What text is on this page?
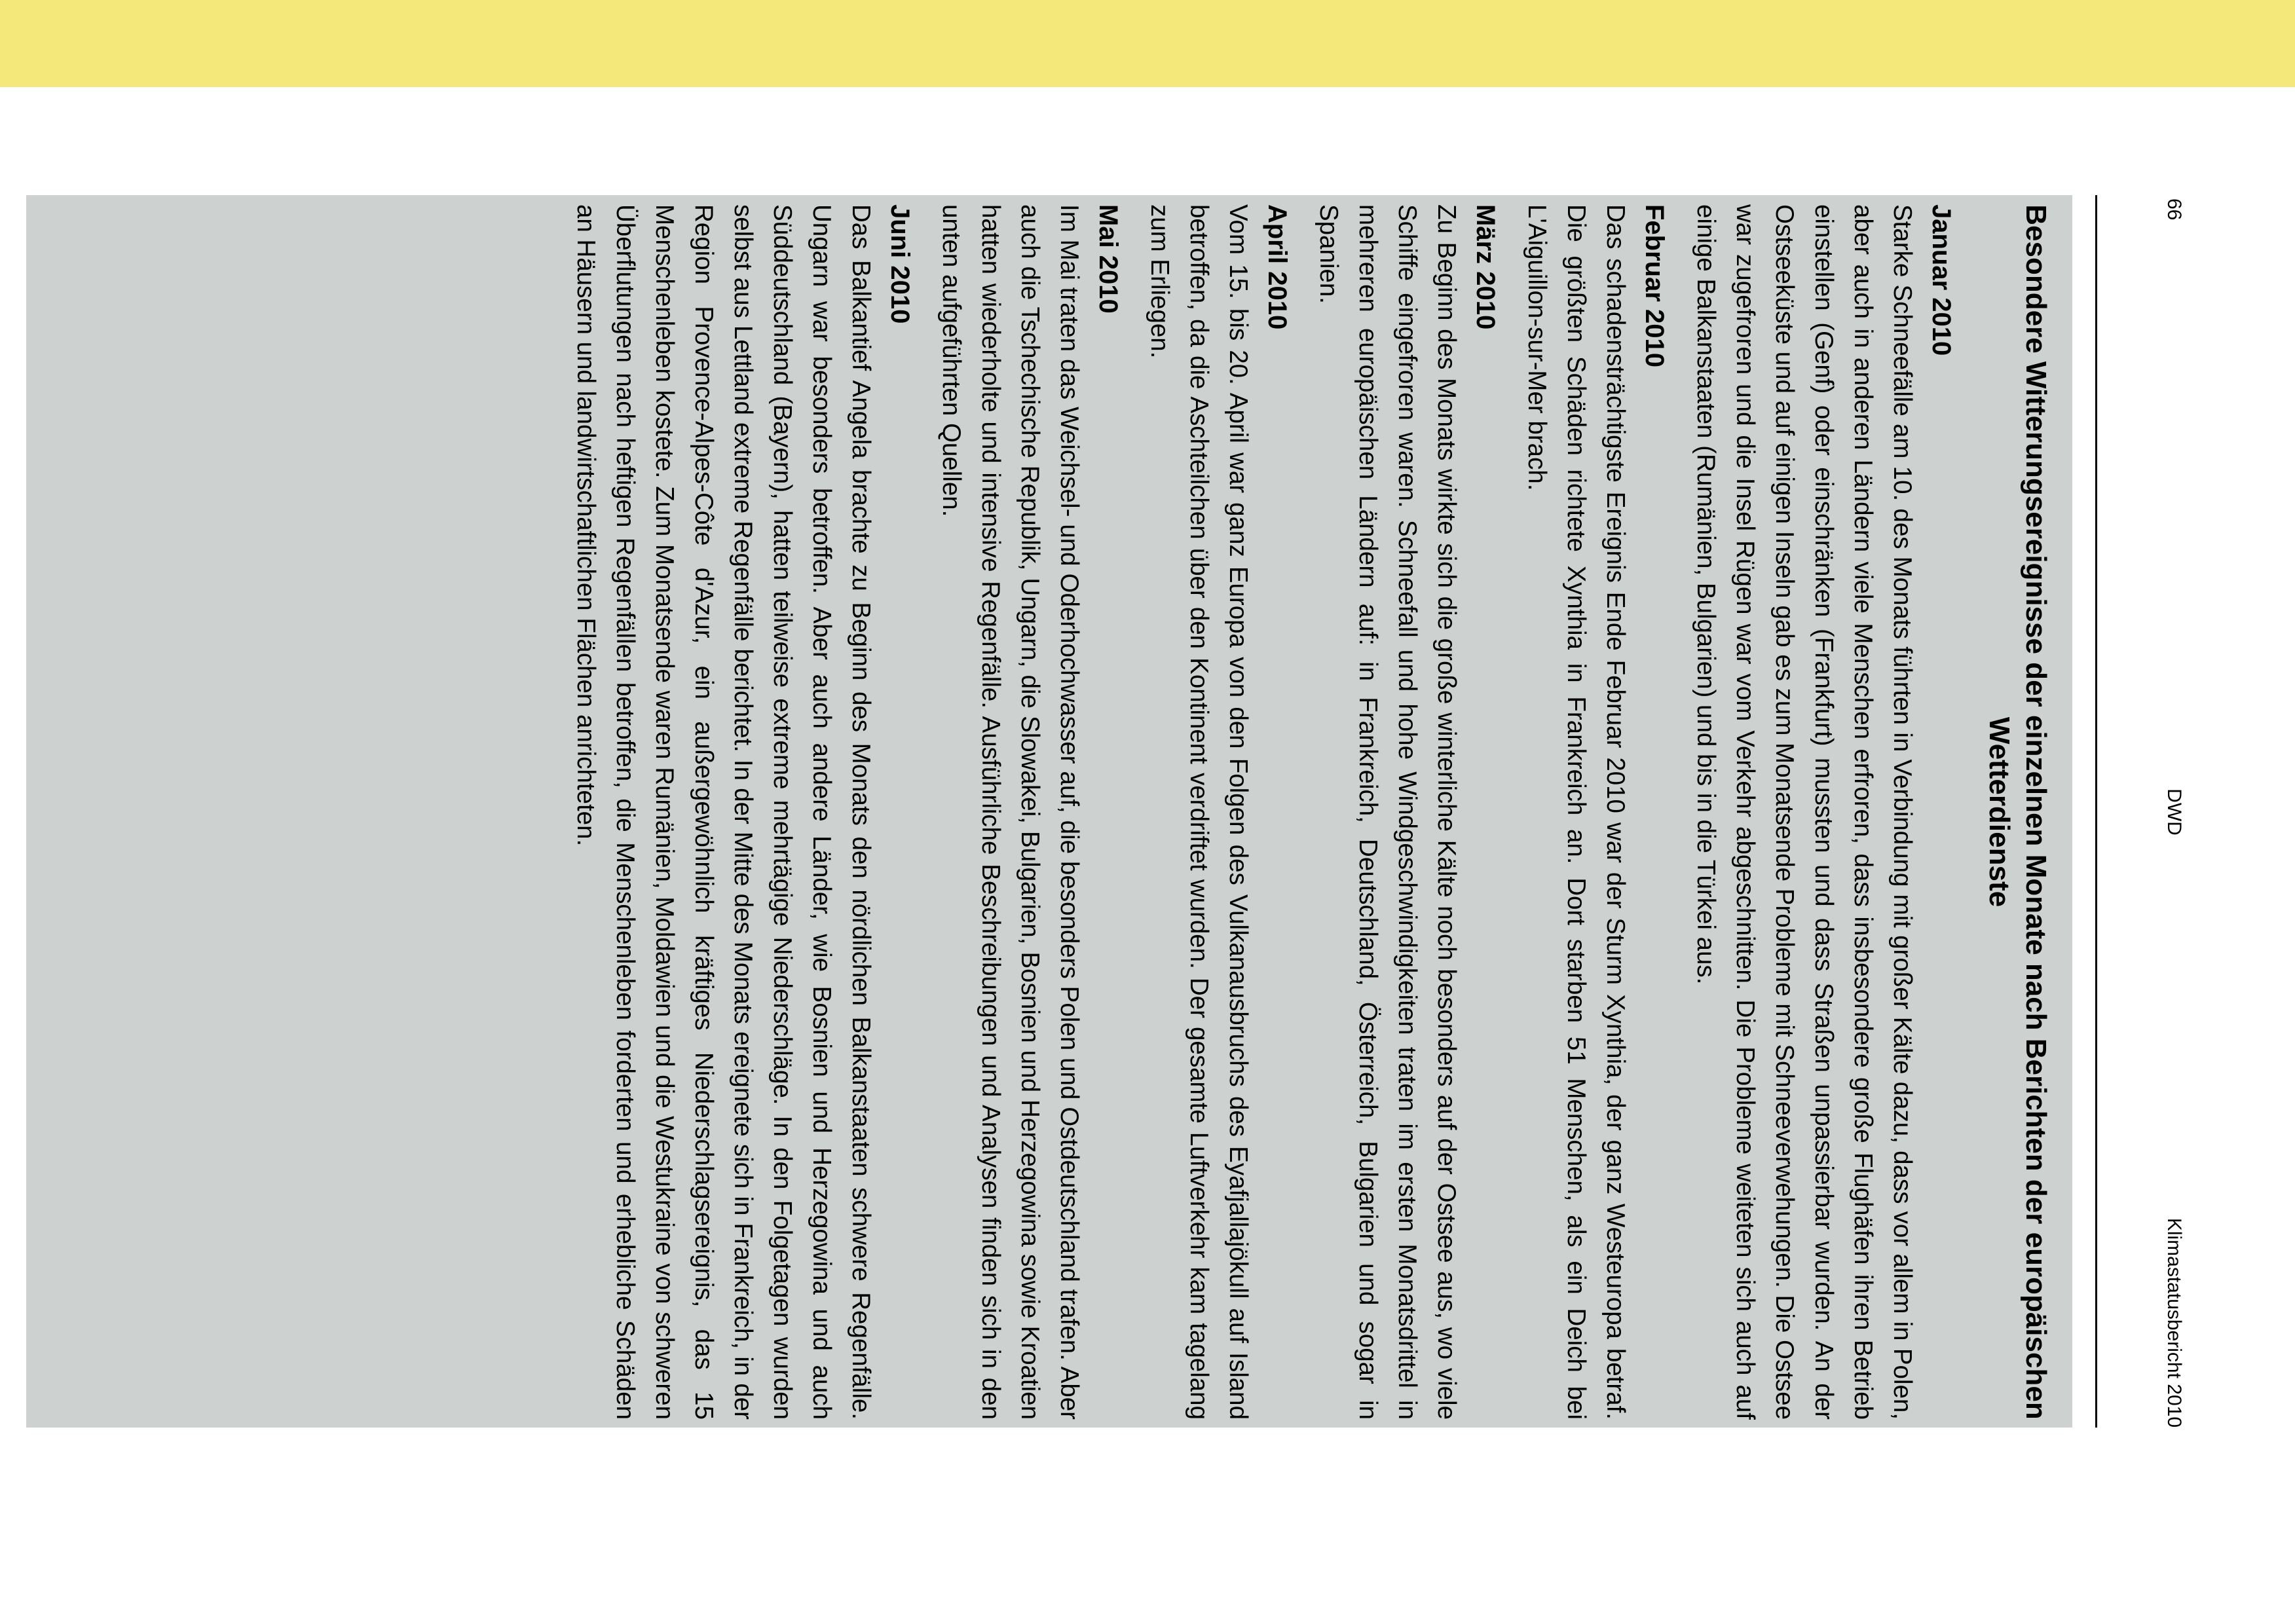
66
DWD
Klimastatusbericht 2010
Besondere Witterungsereignisse der einzelnen Monate nach Berichten der europäischen Wetterdienste
Januar 2010

Starke Schneefälle am 10. des Monats führten in Verbindung mit großer Kälte dazu, dass vor allem in Polen, aber auch in anderen Ländern viele Menschen erfroren, dass insbesondere große Flughäfen ihren Betrieb einstellen (Genf) oder einschränken (Frankfurt) mussten und dass Straßen unpassierbar wurden. An der Ostseeküste und auf einigen Inseln gab es zum Monatsende Probleme mit Schneeverwehungen. Die Ostsee war zugefroren und die Insel Rügen war vom Verkehr abgeschnitten. Die Probleme weiteten sich auch auf einige Balkanstaaten (Rumänien, Bulgarien) und bis in die Türkei aus.

Februar 2010

Das schadensträchtigste Ereignis Ende Februar 2010 war der Sturm Xynthia, der ganz Westeuropa betraf. Die größten Schäden richtete Xynthia in Frankreich an. Dort starben 51 Menschen, als ein Deich bei L'Aiguillon-sur-Mer brach.

März 2010

Zu Beginn des Monats wirkte sich die große winterliche Kälte noch besonders auf der Ostsee aus, wo viele Schiffe eingefroren waren. Schneefall und hohe Windgeschwindigkeiten traten im ersten Monatsdrittel in mehreren europäischen Ländern auf: in Frankreich, Deutschland, Österreich, Bulgarien und sogar in Spanien.

April 2010

Vom 15. bis 20. April war ganz Europa von den Folgen des Vulkanausbruchs des Eyafjallajökull auf Island betroffen, da die Aschteilchen über den Kontinent verdriftet wurden. Der gesamte Luftverkehr kam tagelang zum Erliegen.

Mai 2010

Im Mai traten das Weichsel- und Oderhochwasser auf, die besonders Polen und Ostdeutschland trafen. Aber auch die Tschechische Republik, Ungarn, die Slowakei, Bulgarien, Bosnien und Herzegowina sowie Kroatien hatten wiederholte und intensive Regenfälle. Ausführliche Beschreibungen und Analysen finden sich in den unten aufgeführten Quellen.

Juni 2010

Das Balkantief Angela brachte zu Beginn des Monats den nördlichen Balkanstaaten schwere Regenfälle. Ungarn war besonders betroffen. Aber auch andere Länder, wie Bosnien und Herzegowina und auch Süddeutschland (Bayern), hatten teilweise extreme mehrtägige Niederschläge. In den Folgetagen wurden selbst aus Lettland extreme Regenfälle berichtet. In der Mitte des Monats ereignete sich in Frankreich, in der Region Provence-Alpes-Côte d'Azur, ein außergewöhnlich kräftiges Niederschlagsereignis, das 15 Menschenleben kostete. Zum Monatsende waren Rumänien, Moldawien und die Westukraine von schweren Überflutungen nach heftigen Regenfällen betroffen, die Menschenleben forderten und erhebliche Schäden an Häusern und landwirtschaftlichen Flächen anrichteten.
